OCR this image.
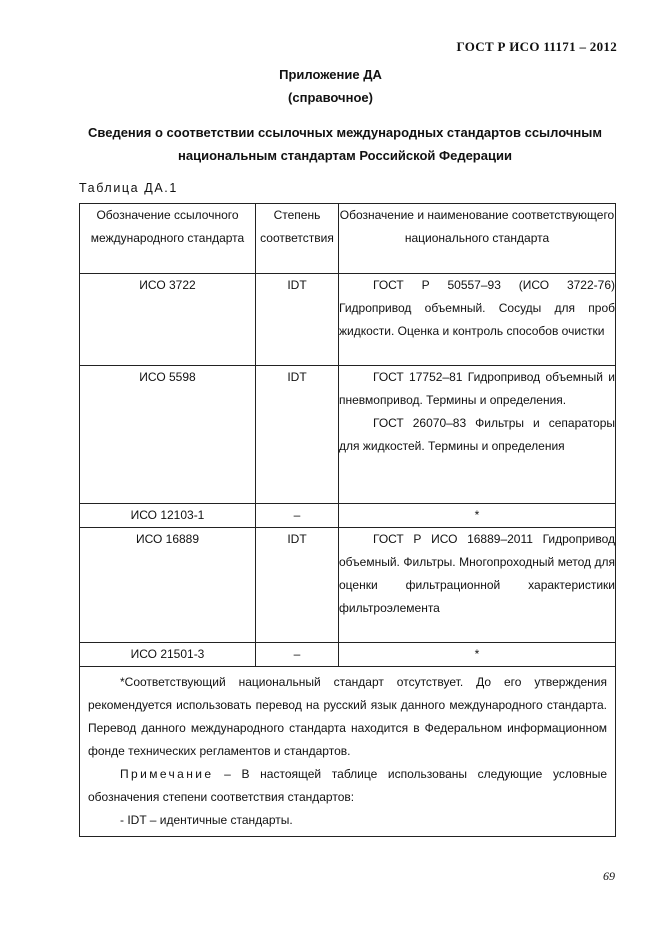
ГОСТ Р ИСО 11171 – 2012

Приложение ДА

(справочное)

Сведения о соответствии ссылочных международных стандартов ссылочным национальным стандартам Российской Федерации
Таблица ДА.1
Обозначение ссылочного международного стандарта	Степень соответствия	Обозначение и наименование соответствующего национального стандарта
ИСО 3722	IDT	ГОСТ Р 50557–93 (ИСО 3722-76) Гидропривод объемный. Сосуды для проб жидкости. Оценка и контроль способов очистки

ИСО 5598	IDT	ГОСТ 17752–81 Гидропривод объемный и пневмопривод. Термины и определения.

ГОСТ 26070–83 Фильтры и сепараторы для жидкостей. Термины и определения

ИСО 12103-1	–	*

ИСО 16889	IDT	ГОСТ Р ИСО 16889–2011 Гидропривод объемный. Фильтры. Многопроходный метод для оценки фильтрационной характеристики фильтроэлемента

ИСО 21501-3	–	*

*Соответствующий национальный стандарт отсутствует. До его утверждения рекомендуется использовать перевод на русский язык данного международного стандарта. Перевод данного международного стандарта находится в Федеральном информационном фонде технических регламентов и стандартов.

Примечание – В настоящей таблице использованы следующие условные обозначения степени соответствия стандартов:

- IDT – идентичные стандарты.		

69
